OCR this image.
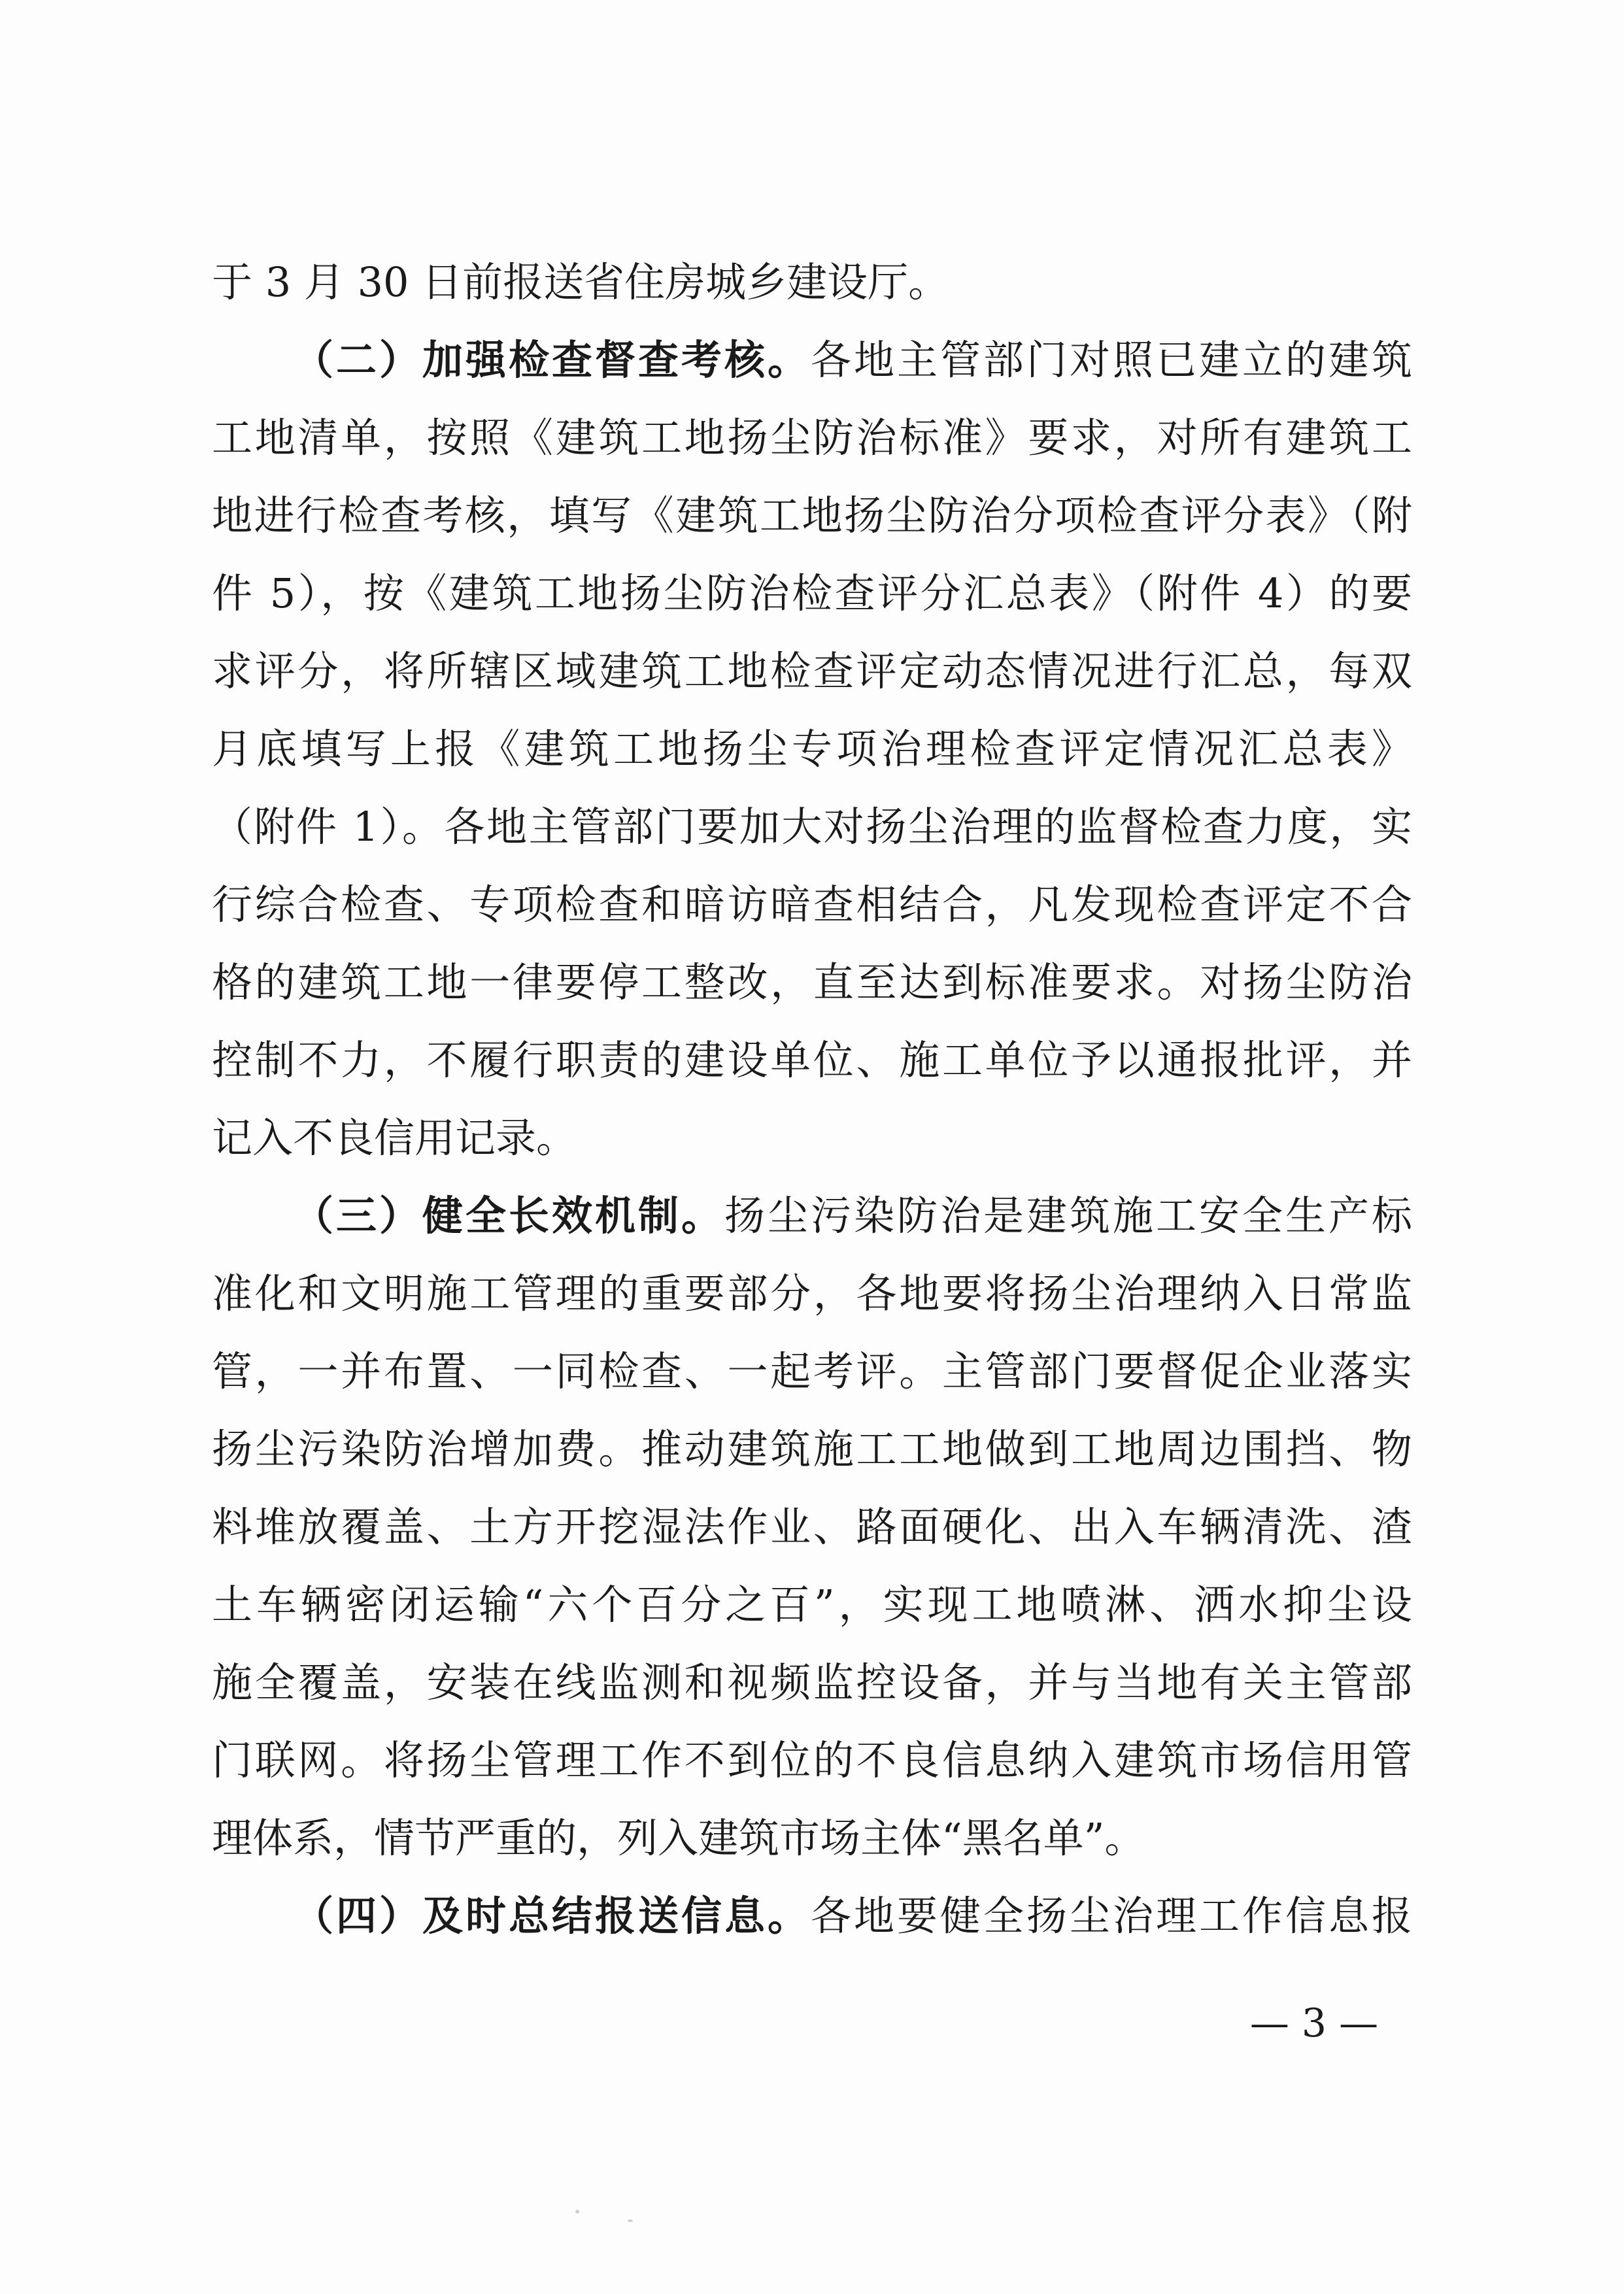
于 3 月 30 日前报送省住房城乡建设厅。
（二）加强检查督查考核。各地主管部门对照已建立的建筑
工地清单，按照《建筑工地扬尘防治标准》要求，对所有建筑工
地进行检查考核，填写《建筑工地扬尘防治分项检查评分表》（附
件 5），按《建筑工地扬尘防治检查评分汇总表》（附件 4）的要
求评分，将所辖区域建筑工地检查评定动态情况进行汇总，每双
月底填写上报《建筑工地扬尘专项治理检查评定情况汇总表》
（附件 1）。各地主管部门要加大对扬尘治理的监督检查力度，实
行综合检查、专项检查和暗访暗查相结合，凡发现检查评定不合
格的建筑工地一律要停工整改，直至达到标准要求。对扬尘防治
控制不力，不履行职责的建设单位、施工单位予以通报批评，并
记入不良信用记录。
（三）健全长效机制。扬尘污染防治是建筑施工安全生产标
准化和文明施工管理的重要部分，各地要将扬尘治理纳入日常监
管，一并布置、一同检查、一起考评。主管部门要督促企业落实
扬尘污染防治增加费。推动建筑施工工地做到工地周边围挡、物
料堆放覆盖、土方开挖湿法作业、路面硬化、出入车辆清洗、渣
土车辆密闭运输“六个百分之百”，实现工地喷淋、洒水抑尘设
施全覆盖，安装在线监测和视频监控设备，并与当地有关主管部
门联网。将扬尘管理工作不到位的不良信息纳入建筑市场信用管
理体系，情节严重的，列入建筑市场主体“黑名单”。
（四）及时总结报送信息。各地要健全扬尘治理工作信息报
— 3 —
